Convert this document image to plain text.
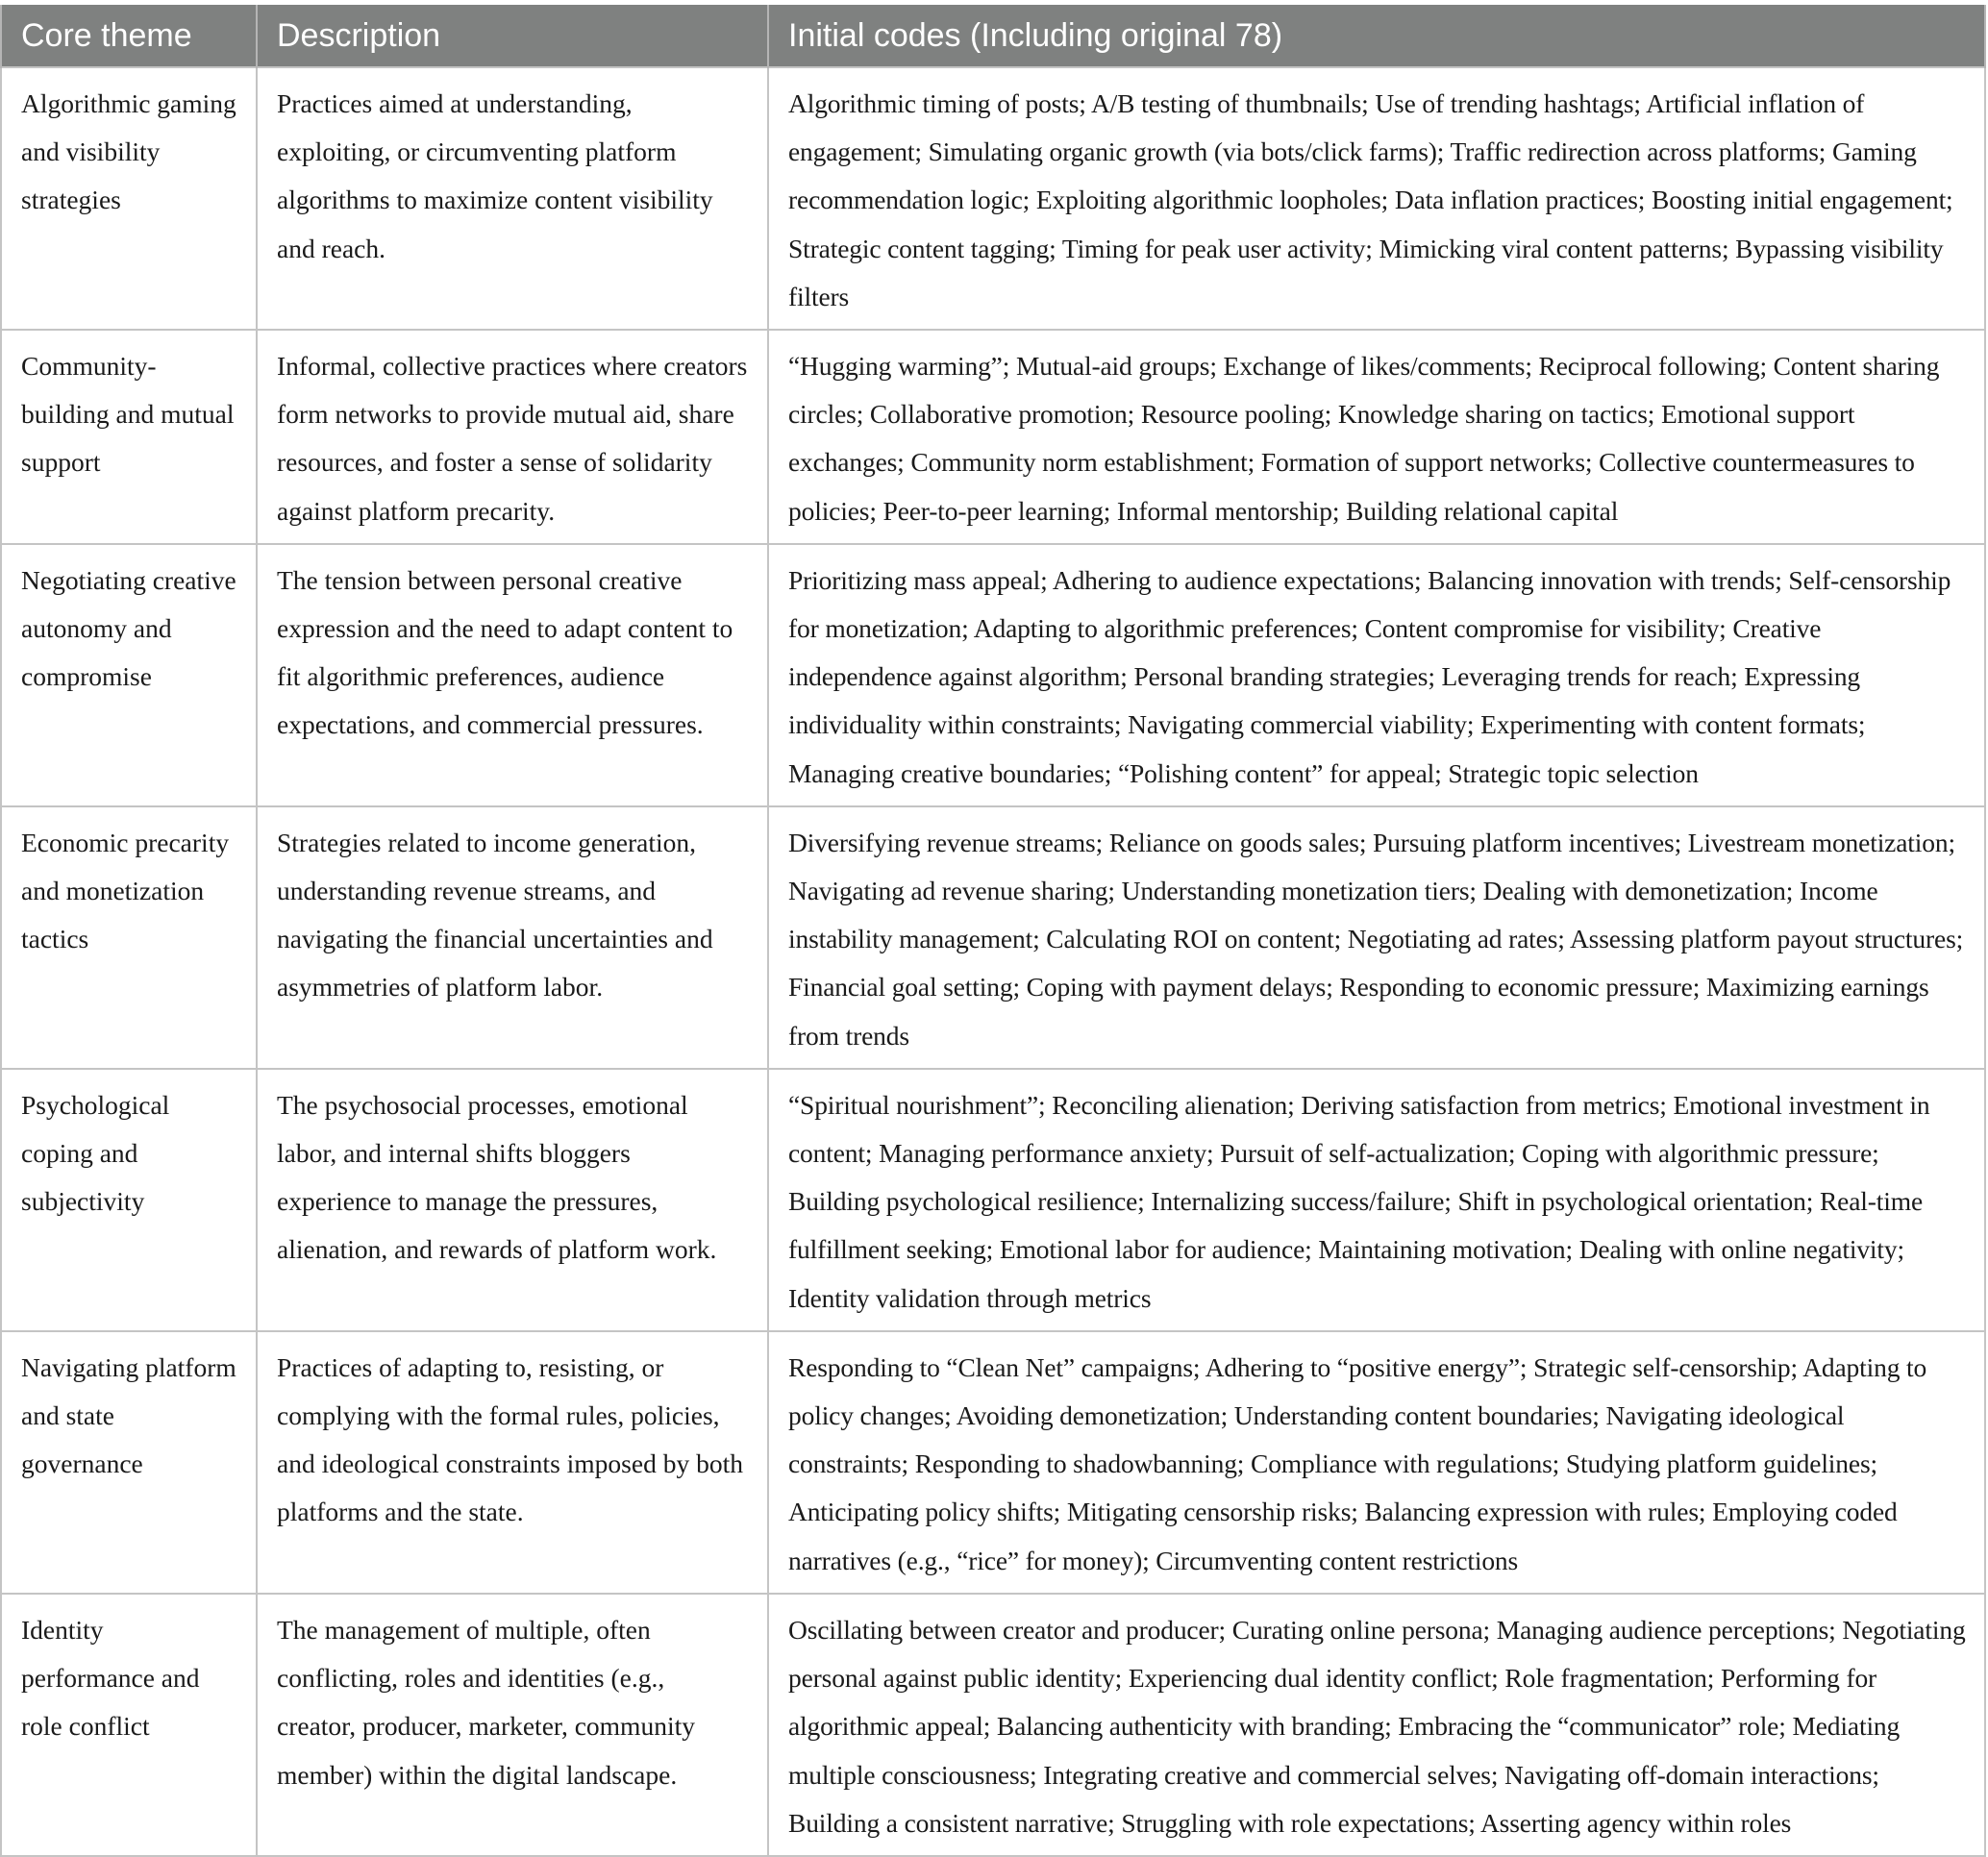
Core theme	Description	Initial codes (Including original 78)
Algorithmic gaming and visibility strategies	Practices aimed at understanding, exploiting, or circumventing platform algorithms to maximize content visibility and reach.	Algorithmic timing of posts; A/B testing of thumbnails; Use of trending hashtags; Artificial inflation of engagement; Simulating organic growth (via bots/click farms); Traffic redirection across platforms; Gaming recommendation logic; Exploiting algorithmic loopholes; Data inflation practices; Boosting initial engagement; Strategic content tagging; Timing for peak user activity; Mimicking viral content patterns; Bypassing visibility filters
Community-building and mutual support	Informal, collective practices where creators form networks to provide mutual aid, share resources, and foster a sense of solidarity against platform precarity.	“Hugging warming”; Mutual-aid groups; Exchange of likes/comments; Reciprocal following; Content sharing circles; Collaborative promotion; Resource pooling; Knowledge sharing on tactics; Emotional support exchanges; Community norm establishment; Formation of support networks; Collective countermeasures to policies; Peer-to-peer learning; Informal mentorship; Building relational capital
Negotiating creative autonomy and compromise	The tension between personal creative expression and the need to adapt content to fit algorithmic preferences, audience expectations, and commercial pressures.	Prioritizing mass appeal; Adhering to audience expectations; Balancing innovation with trends; Self-censorship for monetization; Adapting to algorithmic preferences; Content compromise for visibility; Creative independence against algorithm; Personal branding strategies; Leveraging trends for reach; Expressing individuality within constraints; Navigating commercial viability; Experimenting with content formats; Managing creative boundaries; “Polishing content” for appeal; Strategic topic selection
Economic precarity and monetization tactics	Strategies related to income generation, understanding revenue streams, and navigating the financial uncertainties and asymmetries of platform labor.	Diversifying revenue streams; Reliance on goods sales; Pursuing platform incentives; Livestream monetization; Navigating ad revenue sharing; Understanding monetization tiers; Dealing with demonetization; Income instability management; Calculating ROI on content; Negotiating ad rates; Assessing platform payout structures; Financial goal setting; Coping with payment delays; Responding to economic pressure; Maximizing earnings from trends
Psychological coping and subjectivity	The psychosocial processes, emotional labor, and internal shifts bloggers experience to manage the pressures, alienation, and rewards of platform work.	“Spiritual nourishment”; Reconciling alienation; Deriving satisfaction from metrics; Emotional investment in content; Managing performance anxiety; Pursuit of self-actualization; Coping with algorithmic pressure; Building psychological resilience; Internalizing success/failure; Shift in psychological orientation; Real-time fulfillment seeking; Emotional labor for audience; Maintaining motivation; Dealing with online negativity; Identity validation through metrics
Navigating platform and state governance	Practices of adapting to, resisting, or complying with the formal rules, policies, and ideological constraints imposed by both platforms and the state.	Responding to “Clean Net” campaigns; Adhering to “positive energy”; Strategic self-censorship; Adapting to policy changes; Avoiding demonetization; Understanding content boundaries; Navigating ideological constraints; Responding to shadowbanning; Compliance with regulations; Studying platform guidelines; Anticipating policy shifts; Mitigating censorship risks; Balancing expression with rules; Employing coded narratives (e.g., “rice” for money); Circumventing content restrictions
Identity performance and role conflict	The management of multiple, often conflicting, roles and identities (e.g., creator, producer, marketer, community member) within the digital landscape.	Oscillating between creator and producer; Curating online persona; Managing audience perceptions; Negotiating personal against public identity; Experiencing dual identity conflict; Role fragmentation; Performing for algorithmic appeal; Balancing authenticity with branding; Embracing the “communicator” role; Mediating multiple consciousness; Integrating creative and commercial selves; Navigating off-domain interactions; Building a consistent narrative; Struggling with role expectations; Asserting agency within roles
